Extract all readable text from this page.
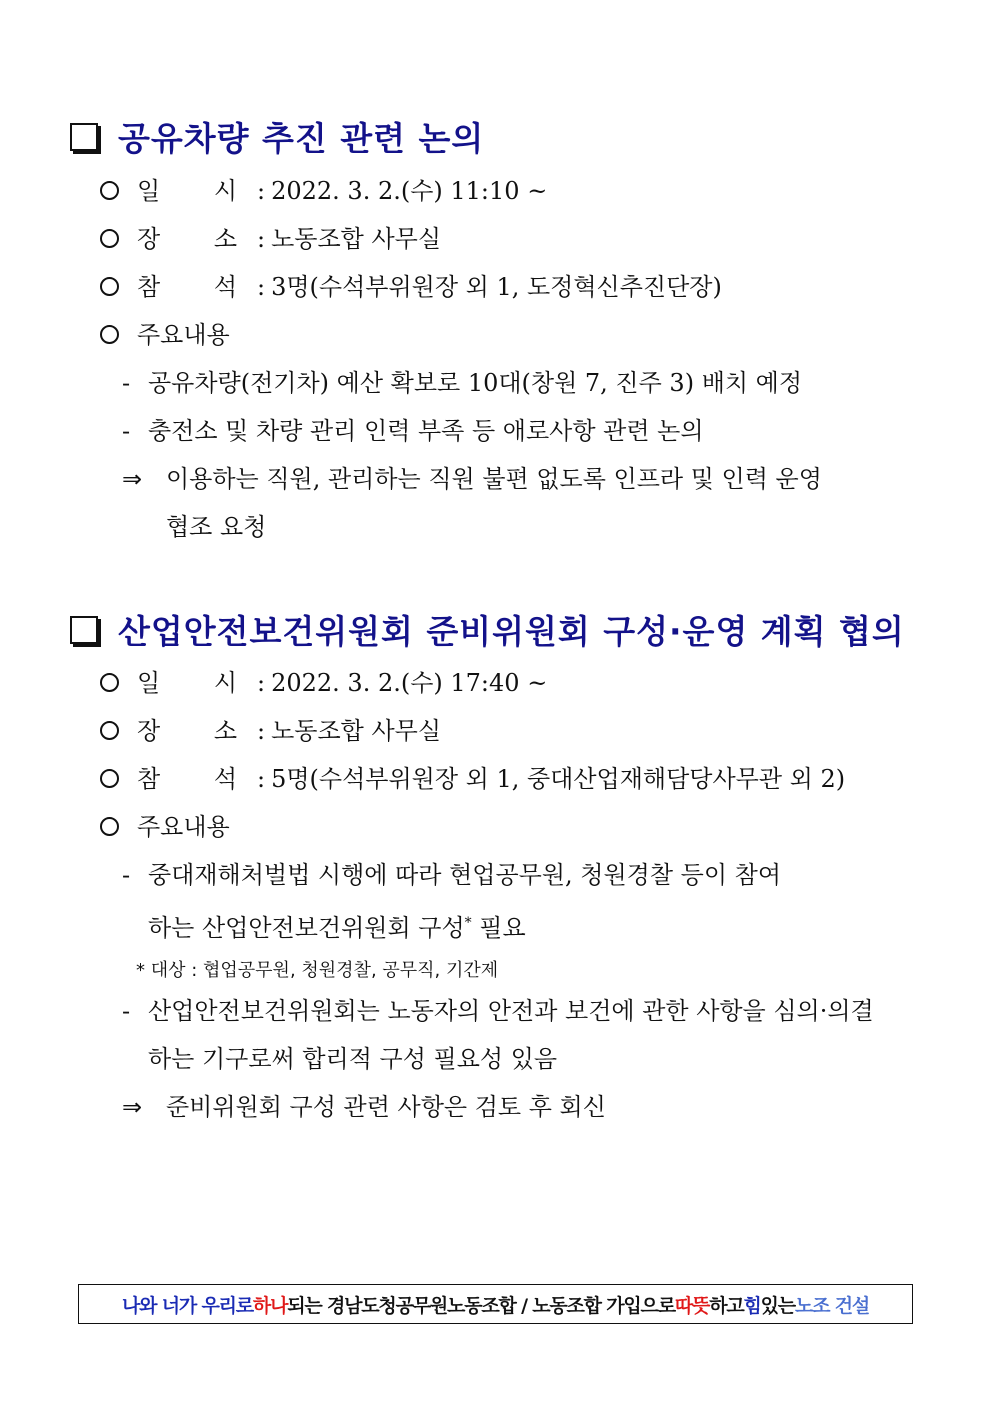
공유차량 추진 관련 논의
일 시 : 2022. 3. 2.(수) 11:10 ~
장 소 : 노동조합 사무실
참 석 : 3명(수석부위원장 외 1, 도정혁신추진단장)
주요내용
- 공유차량(전기차) 예산 확보로 10대(창원 7, 진주 3) 배치 예정
- 충전소 및 차량 관리 인력 부족 등 애로사항 관련 논의
⇒ 이용하는 직원, 관리하는 직원 불편 없도록 인프라 및 인력 운영
협조 요청
산업안전보건위원회 준비위원회 구성·운영 계획 협의
일 시 : 2022. 3. 2.(수) 17:40 ~
장 소 : 노동조합 사무실
참 석 : 5명(수석부위원장 외 1, 중대산업재해담당사무관 외 2)
주요내용
- 중대재해처벌법 시행에 따라 현업공무원, 청원경찰 등이 참여
하는 산업안전보건위원회 구성* 필요
* 대상 : 협업공무원, 청원경찰, 공무직, 기간제
- 산업안전보건위원회는 노동자의 안전과 보건에 관한 사항을 심의·의결
하는 기구로써 합리적 구성 필요성 있음
⇒ 준비위원회 구성 관련 사항은 검토 후 회신
나와 너가 우리로 하나 되는 경남도청공무원노동조합 / 노동조합 가입으로 따뜻 하고 힘 있는 노조 건설
